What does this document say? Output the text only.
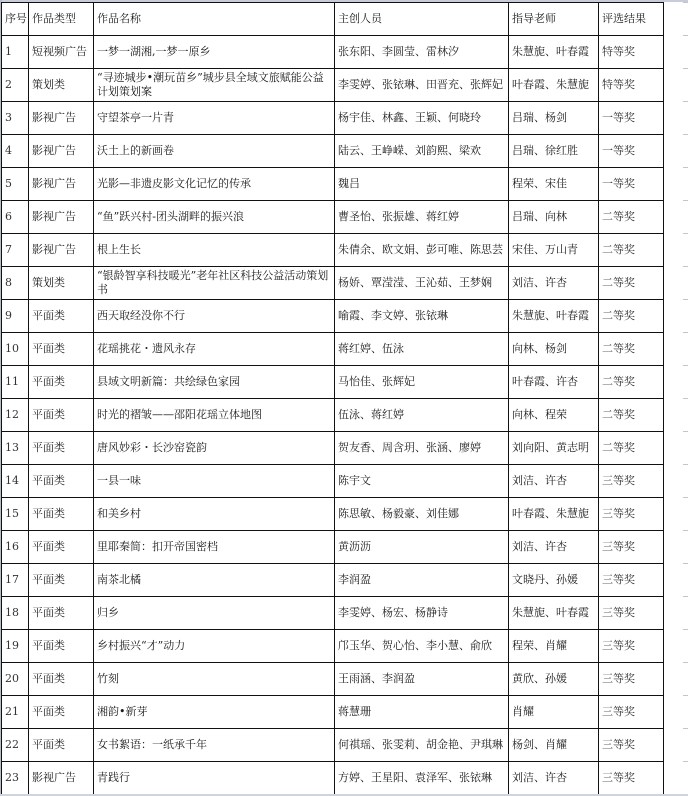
序号	作品类型	作品名称	主创人员	指导老师	评选结果
1	短视频广告	一梦一湖湘,一梦一原乡	张东阳、李圆莹、雷林汐	朱慧旎、叶春霞	特等奖
2	策划类	“寻迹城步•潮玩苗乡”城步县全域文旅赋能公益计划策划案	李雯婷、张铱琳、田晋充、张辉妃	叶春霞、朱慧旎	特等奖
3	影视广告	守望茶亭一片青	杨宇佳、林鑫、王颖、何晓玲	吕瑞、杨剑	一等奖
4	影视广告	沃土上的新画卷	陆云、王峥嵘、刘韵熙、梁欢	吕瑞、徐红胜	一等奖
5	影视广告	光影—非遗皮影文化记忆的传承	魏吕	程荣、宋佳	一等奖
6	影视广告	“鱼”跃兴村-团头湖畔的振兴浪	曹圣怡、张振雄、蒋红婷	吕瑞、向林	二等奖
7	影视广告	根上生长	朱倩余、欧文娟、彭可唯、陈思芸	宋佳、万山青	二等奖
8	策划类	“银龄智享科技暖光”老年社区科技公益活动策划书	杨娇、覃滢滢、王沁茹、王梦娴	刘洁、许杏	二等奖
9	平面类	西天取经没你不行	喻霞、李文婷、张铱琳	朱慧旎、叶春霞	二等奖
10	平面类	花瑶挑花・遗风永存	蒋红婷、伍泳	向林、杨剑	二等奖
11	平面类	县域文明新篇：共绘绿色家园	马怡佳、张辉妃	叶春霞、许杏	二等奖
12	平面类	时光的褶皱——邵阳花瑶立体地图	伍泳、蒋红婷	向林、程荣	二等奖
13	平面类	唐风妙彩・长沙窑瓷韵	贺友香、周含玥、张涵、廖婷	刘向阳、黄志明	二等奖
14	平面类	一县一味	陈宇文	刘洁、许杏	三等奖
15	平面类	和美乡村	陈思敏、杨毅豪、刘佳娜	叶春霞、朱慧旎	三等奖
16	平面类	里耶秦简：扣开帝国密档	黄沥沥	刘洁、许杏	三等奖
17	平面类	南茶北橘	李润盈	文晓丹、孙媛	三等奖
18	平面类	归乡	李雯婷、杨宏、杨静诗	朱慧旎、叶春霞	三等奖
19	平面类	乡村振兴“才”动力	邝玉华、贺心怡、李小慧、俞欣	程荣、肖耀	三等奖
20	平面类	竹刻	王雨涵、李润盈	黄欣、孙媛	三等奖
21	平面类	湘韵•新芽	蒋慧珊	肖耀	三等奖
22	平面类	女书絮语：一纸承千年	何祺瑶、张雯莉、胡金艳、尹琪琳	杨剑、肖耀	三等奖
23	影视广告	青践行	方婷、王星阳、袁泽军、张铱琳	刘洁、许杏	三等奖
